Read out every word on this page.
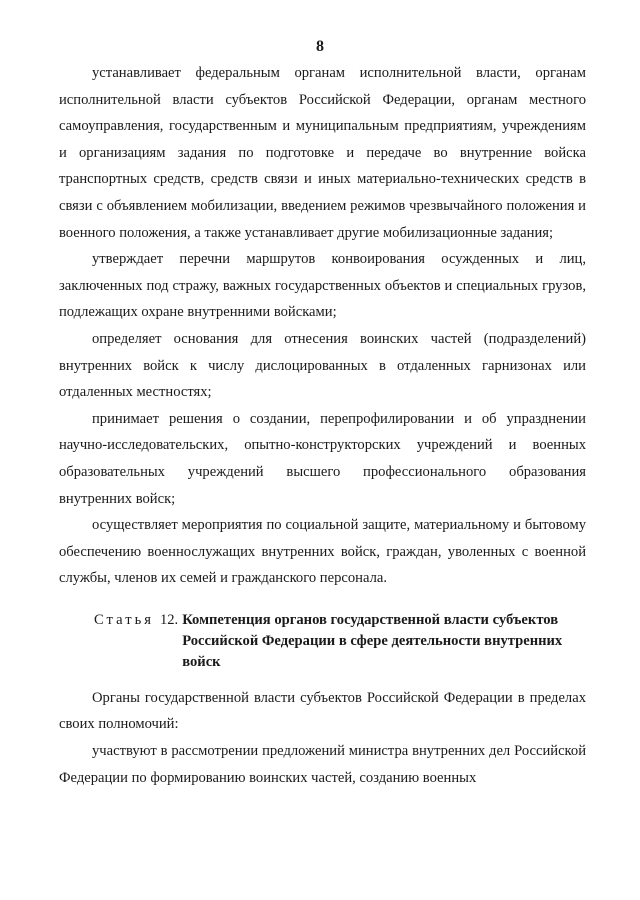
8

устанавливает федеральным органам исполнительной власти, органам исполнительной власти субъектов Российской Федерации, органам местного самоуправления, государственным и муниципальным предприятиям, учреждениям и организациям задания по подготовке и передаче во внутренние войска транспортных средств, средств связи и иных материально-технических средств в связи с объявлением мобилизации, введением режимов чрезвычайного положения и военного положения, а также устанавливает другие мобилизационные задания;

утверждает перечни маршрутов конвоирования осужденных и лиц, заключенных под стражу, важных государственных объектов и специальных грузов, подлежащих охране внутренними войсками;

определяет основания для отнесения воинских частей (подразделений) внутренних войск к числу дислоцированных в отдаленных гарнизонах или отдаленных местностях;

принимает решения о создании, перепрофилировании и об упразднении научно-исследовательских, опытно-конструкторских учреждений и военных образовательных учреждений высшего профессионального образования внутренних войск;

осуществляет мероприятия по социальной защите, материальному и бытовому обеспечению военнослужащих внутренних войск, граждан, уволенных с военной службы, членов их семей и гражданского персонала.

Статья 12. Компетенция органов государственной власти субъектов Российской Федерации в сфере деятельности внутренних войск

Органы государственной власти субъектов Российской Федерации в пределах своих полномочий:

участвуют в рассмотрении предложений министра внутренних дел Российской Федерации по формированию воинских частей, созданию военных
